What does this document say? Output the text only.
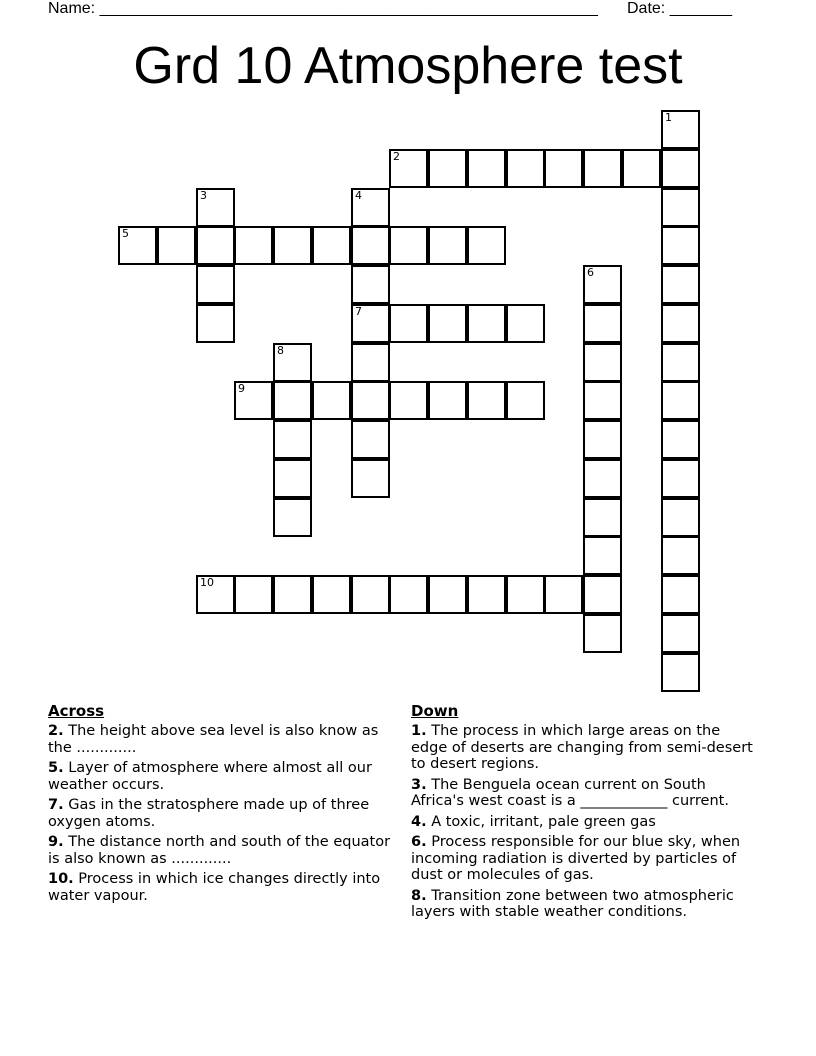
Name: ________________________________________________________ Date: _______
Grd 10 Atmosphere test
1
2
3	4
7
5
6
8
9
10
Across
2. The height above sea level is also know as the .............
5. Layer of atmosphere where almost all our weather occurs.
7. Gas in the stratosphere made up of three oxygen atoms.
9. The distance north and south of the equator is also known as .............
10. Process in which ice changes directly into water vapour.
Down
1. The process in which large areas on the edge of deserts are changing from semi-desert to desert regions.
3. The Benguela ocean current on South Africa's west coast is a ____________ current.
4. A toxic, irritant, pale green gas
6. Process responsible for our blue sky, when incoming radiation is diverted by particles of dust or molecules of gas.
8. Transition zone between two atmospheric layers with stable weather conditions.
